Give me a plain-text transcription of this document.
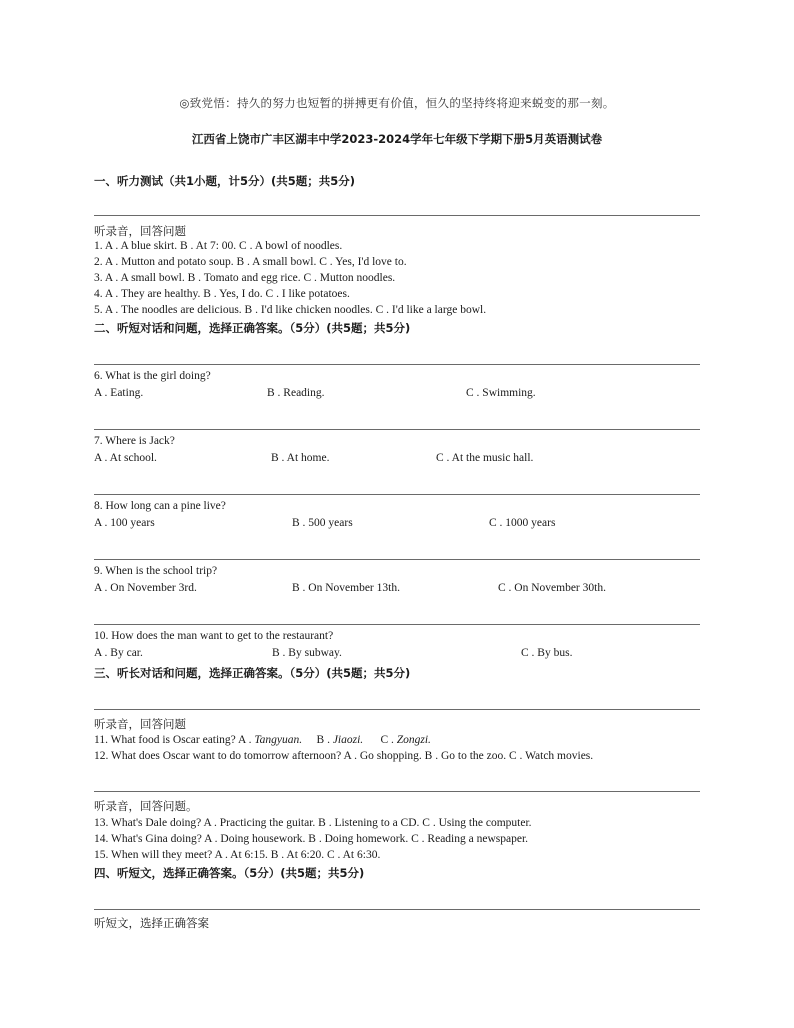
◎致党悟：持久的努力也短暂的拼搏更有价值，恒久的坚持终将迎来蜕变的那一刻。
江西省上饶市广丰区湖丰中学2023-2024学年七年级下学期下册5月英语测试卷
一、听力测试（共1小题，计5分）(共5题；共5分)
听录音，回答问题
1. A . A blue skirt. B . At 7: 00. C . A bowl of noodles.
2. A . Mutton and potato soup. B . A small bowl. C . Yes, I'd love to.
3. A . A small bowl. B . Tomato and egg rice. C . Mutton noodles.
4. A . They are healthy. B . Yes, I do. C . I like potatoes.
5. A . The noodles are delicious. B . I'd like chicken noodles. C . I'd like a large bowl.
二、听短对话和问题，选择正确答案。（5分）(共5题；共5分)
6. What is the girl doing?
A . Eating.	B . Reading.	C . Swimming.
7. Where is Jack?
A . At school.	B . At home.	C . At the music hall.
8. How long can a pine live?
A . 100 years	B . 500 years	C . 1000 years
9. When is the school trip?
A . On November 3rd.	B . On November 13th.	C . On November 30th.
10. How does the man want to get to the restaurant?
A . By car.	B . By subway.	C . By bus.
三、听长对话和问题，选择正确答案。（5分）(共5题；共5分)
听录音，回答问题
11. What food is Oscar eating? A . Tangyuan. B . Jiaozi. C . Zongzi.
12. What does Oscar want to do tomorrow afternoon? A . Go shopping. B . Go to the zoo. C . Watch movies.
听录音，回答问题。
13. What's Dale doing? A . Practicing the guitar. B . Listening to a CD. C . Using the computer.
14. What's Gina doing? A . Doing housework. B . Doing homework. C . Reading a newspaper.
15. When will they meet? A . At 6:15. B . At 6:20. C . At 6:30.
四、听短文，选择正确答案。（5分）(共5题；共5分)
听短文，选择正确答案
